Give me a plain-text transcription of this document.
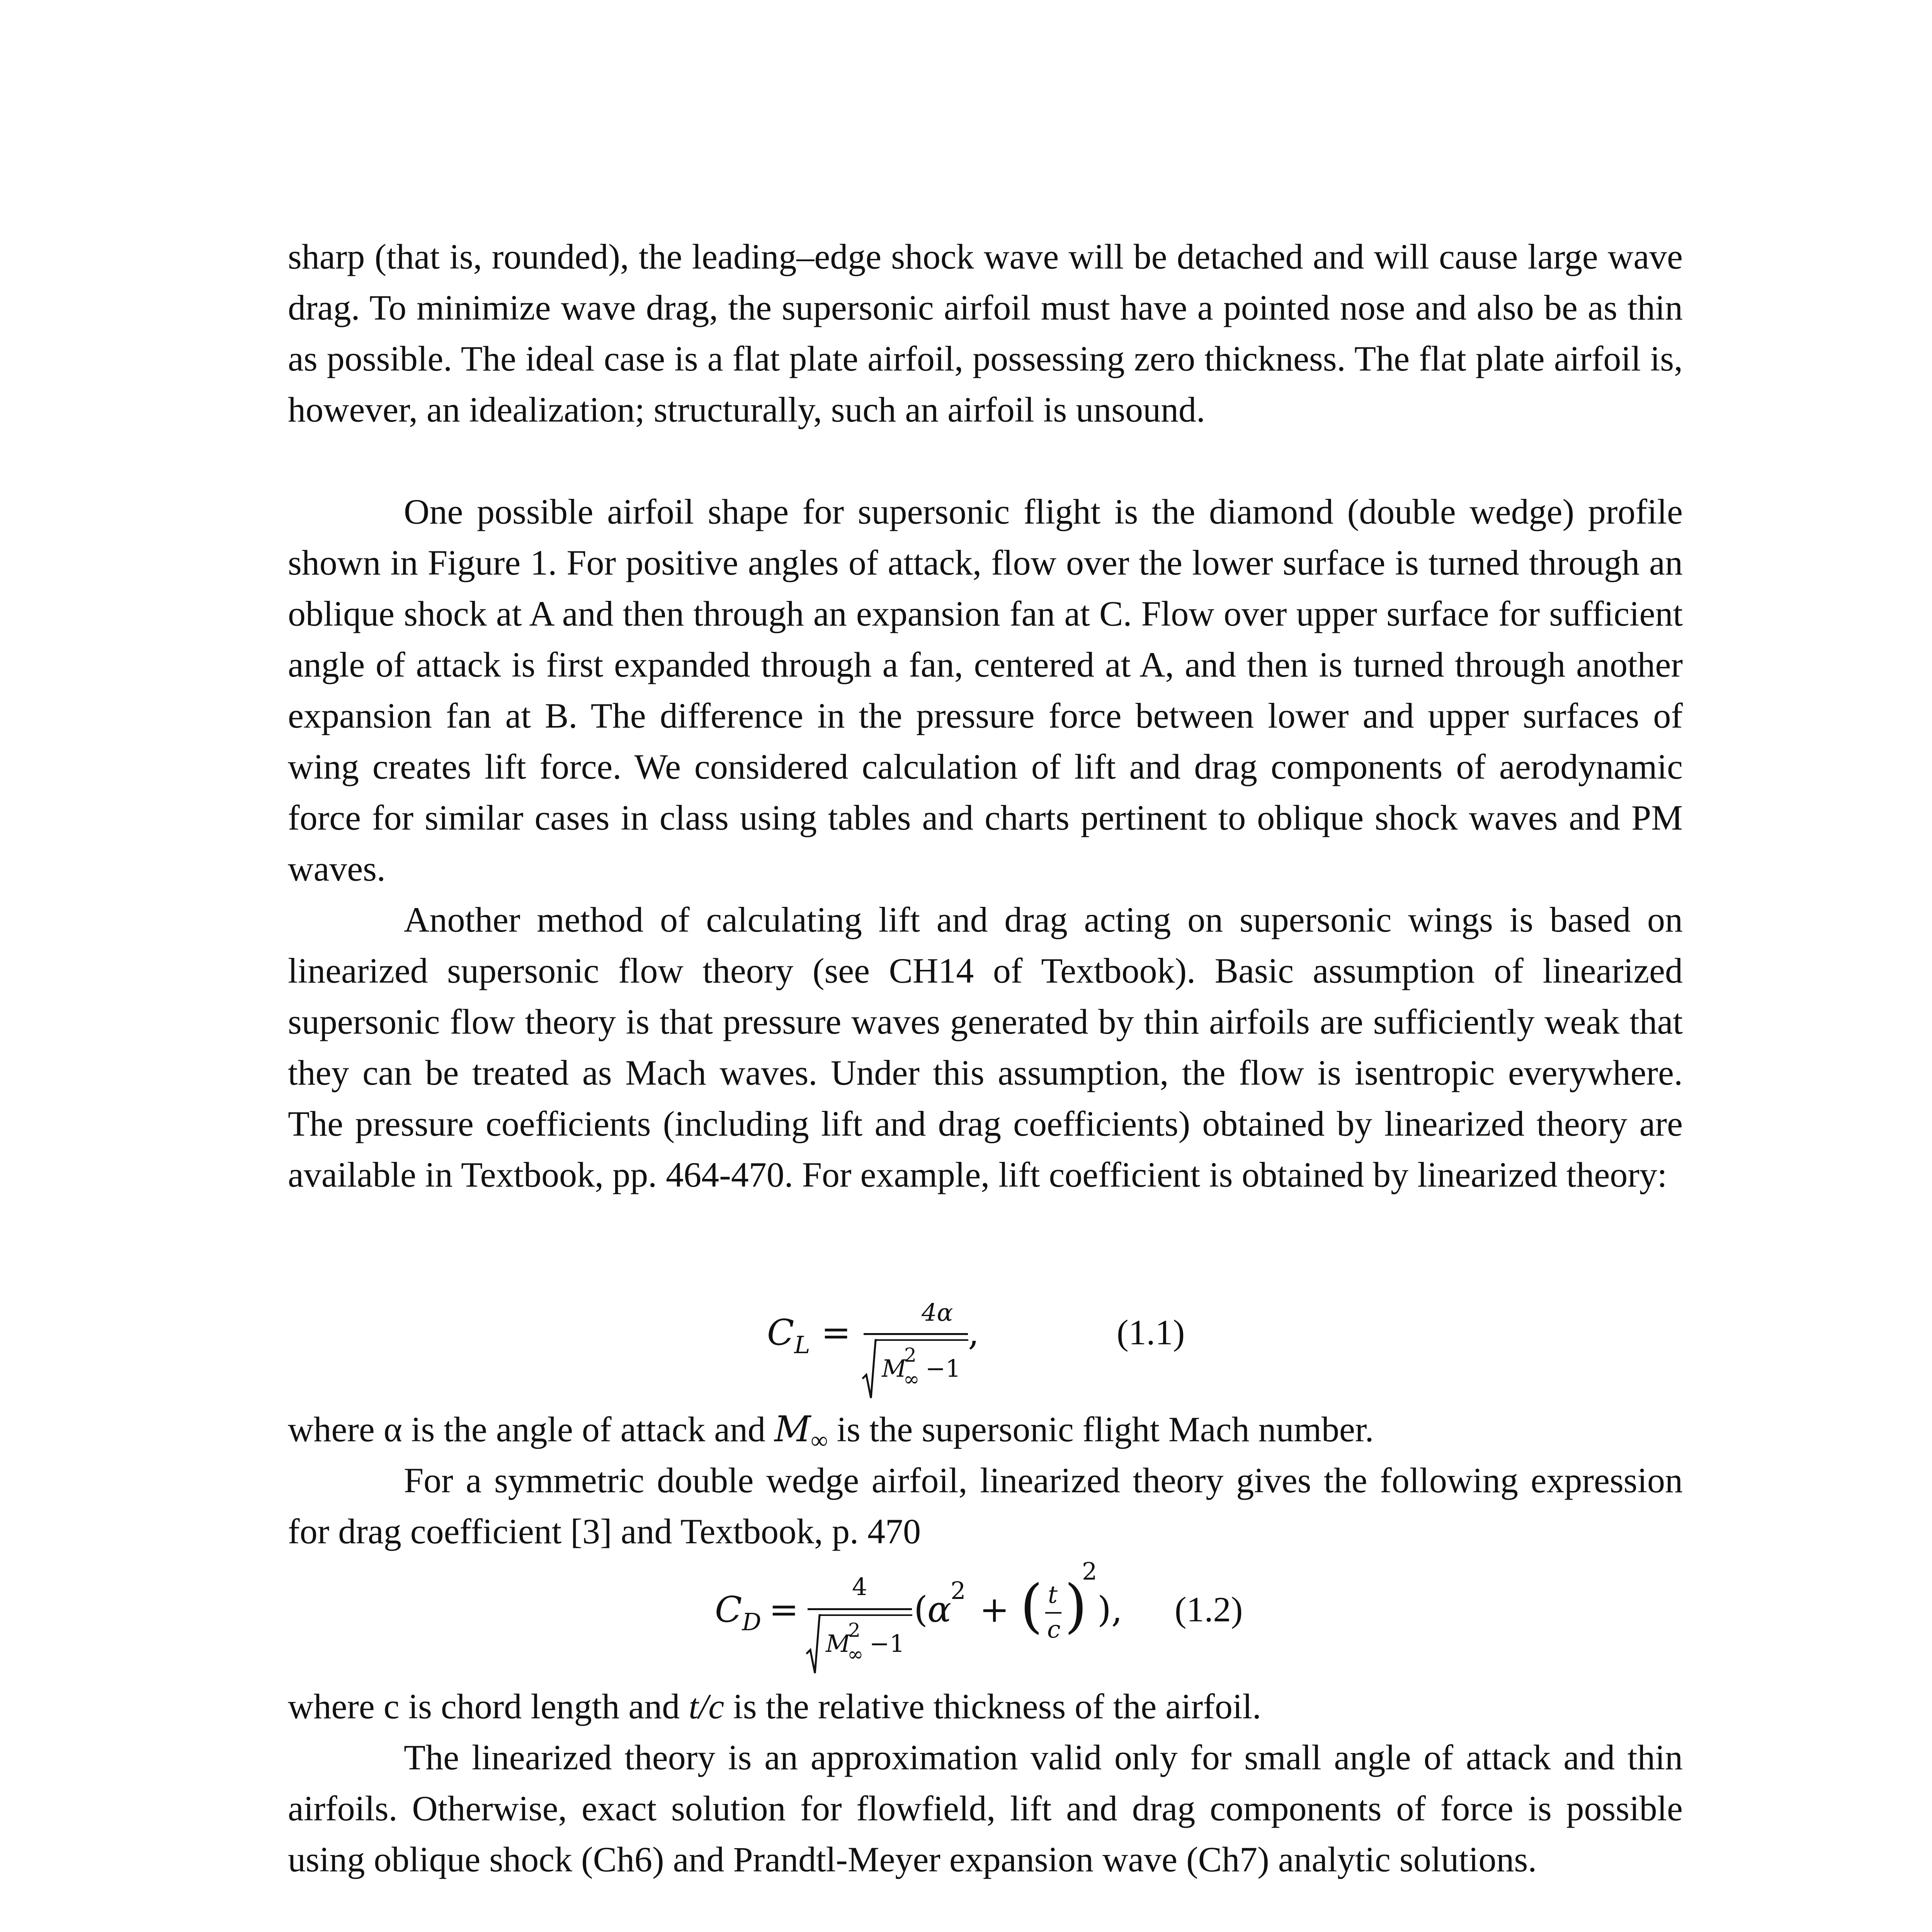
sharp (that is, rounded), the leading–edge shock wave will be detached and will cause large wave drag. To minimize wave drag, the supersonic airfoil must have a pointed nose and also be as thin as possible. The ideal case is a flat plate airfoil, possessing zero thickness. The flat plate airfoil is, however, an idealization; structurally, such an airfoil is unsound.

One possible airfoil shape for supersonic flight is the diamond (double wedge) profile shown in Figure 1. For positive angles of attack, flow over the lower surface is turned through an oblique shock at A and then through an expansion fan at C. Flow over upper surface for sufficient angle of attack is first expanded through a fan, centered at A, and then is turned through another expansion fan at B. The difference in the pressure force between lower and upper surfaces of wing creates lift force. We considered calculation of lift and drag components of aerodynamic force for similar cases in class using tables and charts pertinent to oblique shock waves and PM waves.

Another method of calculating lift and drag acting on supersonic wings is based on linearized supersonic flow theory (see CH14 of Textbook). Basic assumption of linearized supersonic flow theory is that pressure waves generated by thin airfoils are sufficiently weak that they can be treated as Mach waves. Under this assumption, the flow is isentropic everywhere. The pressure coefficients (including lift and drag coefficients) obtained by linearized theory are available in Textbook, pp. 464-470. For example, lift coefficient is obtained by linearized theory:

$C_L$ =	4α
M
2
∞ −1
,	(1.1)

where α is the angle of attack and M∞ is the supersonic flight Mach number.

For a symmetric double wedge airfoil, linearized theory gives the following expression for drag coefficient [3] and Textbook, p. 470

$C_D$ =
4
M
2
∞ −1
( α
2 + ( t
c )
2
), (1.2)

where c is chord length and t/c is the relative thickness of the airfoil.

The linearized theory is an approximation valid only for small angle of attack and thin airfoils. Otherwise, exact solution for flowfield, lift and drag components of force is possible using oblique shock (Ch6) and Prandtl-Meyer expansion wave (Ch7) analytic solutions.
